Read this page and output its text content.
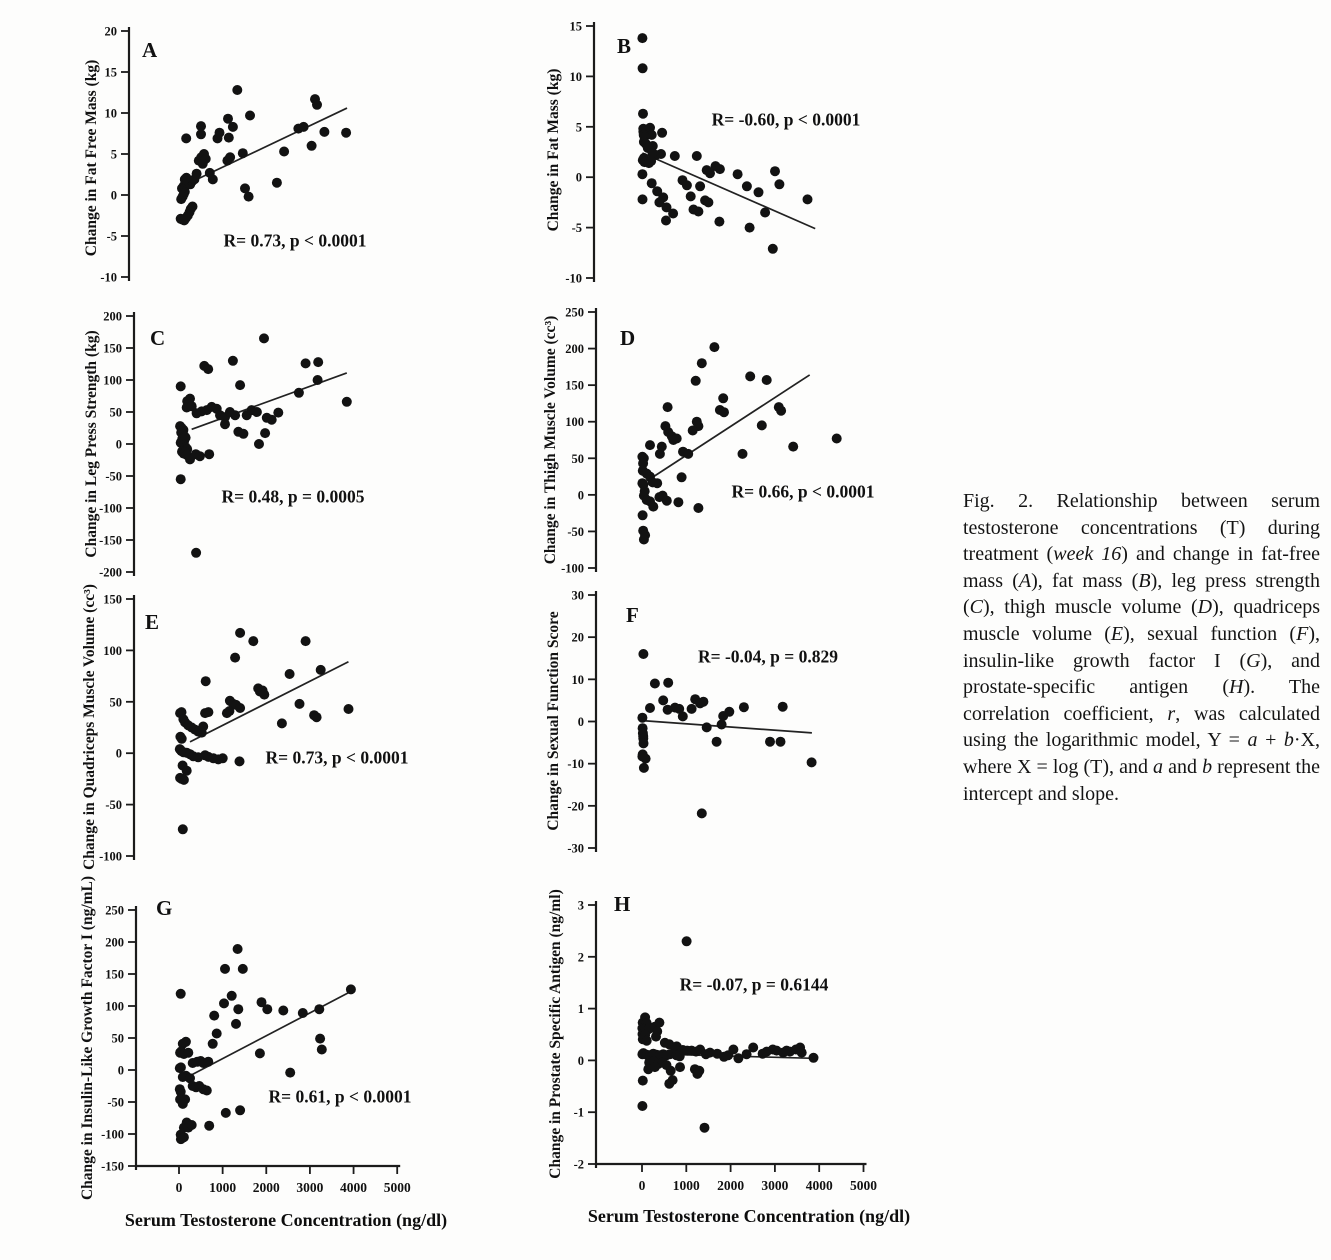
20
15
10
5
0
-5
-10
15
10
5
0
-5
-10
200
150
100
50
0
-50
-100
-150
-200
250
200
150
100
50
0
-50
-100
150
100
50
0
-50
-100
30
20
10
0
-10
-20
-30
250
200
150
100
50
0
-50
-100
-150
0 1000 2000 3000 4000 5000
3
2
1
0
-1
-2
0 1000 2000 3000 4000 5000
Change in Fat Free Mass (kg)	Change in Fat Mass (kg)
Change in Leg Press Strength (kg)	Change in Thigh Muscle Volume (cc³)
Change in Quadriceps Muscle Volume (cc³)	Change in Sexual Function Score
Change in Insulin-Like Growth Factor I (ng/mL)	Change in Prostate Specific Antigen (ng/ml)
A	B
C	D
E	F
G	H
R= 0.73, p < 0.0001
R= -0.60, p < 0.0001
R= 0.48, p = 0.0005	R= 0.66, p < 0.0001
R= 0.73, p < 0.0001
R= -0.04, p = 0.829
R= 0.61, p < 0.0001
R= -0.07, p = 0.6144
Serum Testosterone Concentration (ng/dl)	Serum Testosterone Concentration (ng/dl)
Fig. 2. Relationship between serum testosterone concentrations (T) during treatment (week 16) and change in fat-free mass (A), fat mass (B), leg press strength (C), thigh muscle volume (D), quadriceps muscle volume (E), sexual function (F), insulin-like growth factor I (G), and prostate-specific antigen (H). The correlation coefficient, r, was calculated using the logarithmic model, Y = a + b·X, where X = log (T), and a and b represent the intercept and slope.
